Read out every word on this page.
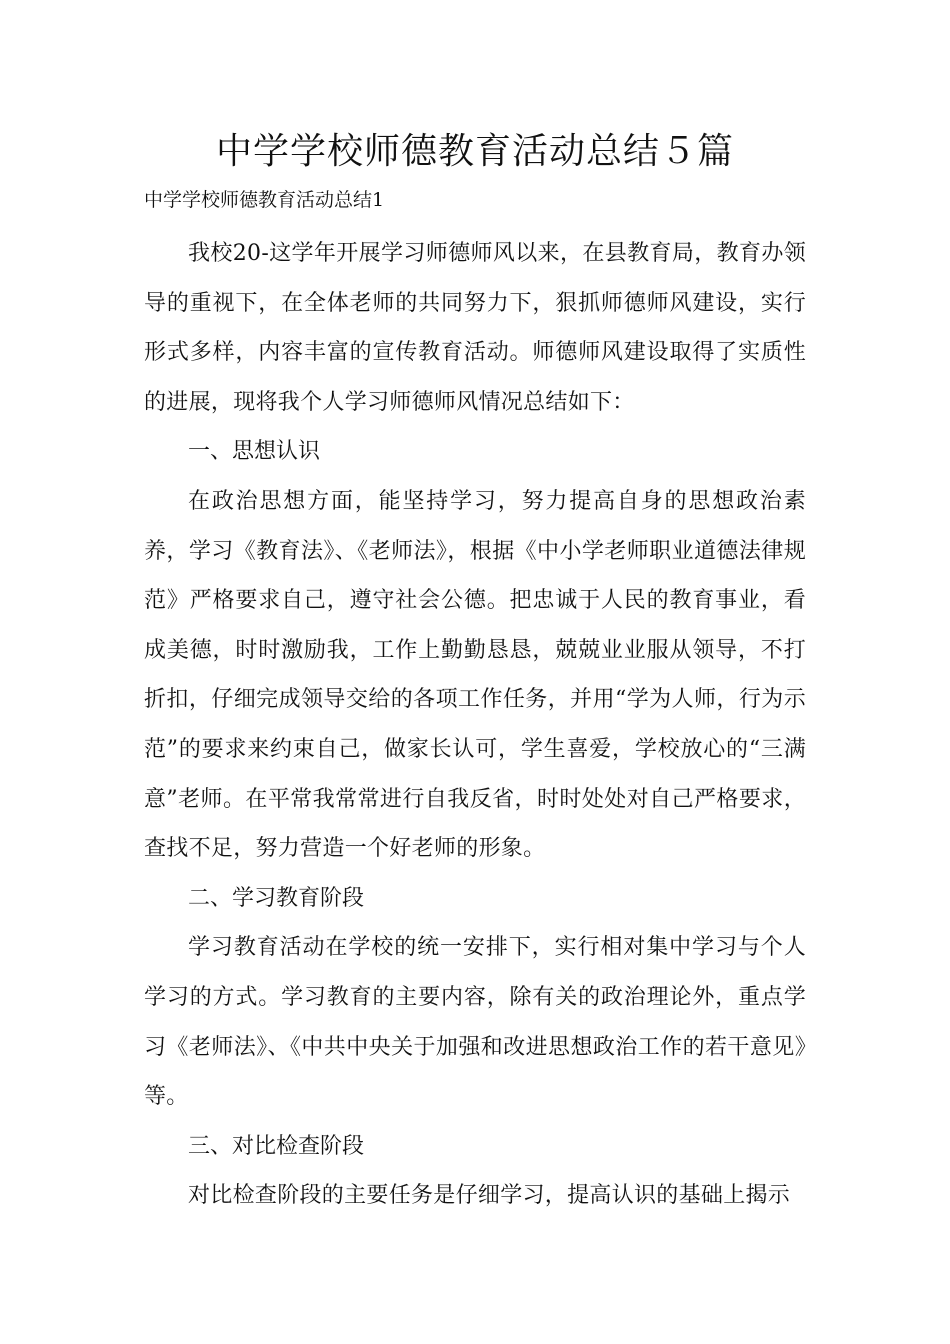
中学学校师德教育活动总结５篇
中学学校师德教育活动总结1

我校20-这学年开展学习师德师风以来，在县教育局，教育办领导的重视下，在全体老师的共同努力下，狠抓师德师风建设，实行形式多样，内容丰富的宣传教育活动。师德师风建设取得了实质性的进展，现将我个人学习师德师风情况总结如下：

一、思想认识

在政治思想方面，能坚持学习，努力提高自身的思想政治素养，学习《教育法》、《老师法》，根据《中小学老师职业道德法律规范》严格要求自己，遵守社会公德。把忠诚于人民的教育事业，看成美德，时时激励我，工作上勤勤恳恳，兢兢业业服从领导，不打折扣，仔细完成领导交给的各项工作任务，并用“学为人师，行为示范”的要求来约束自己，做家长认可，学生喜爱，学校放心的“三满意”老师。在平常我常常进行自我反省，时时处处对自己严格要求，查找不足，努力营造一个好老师的形象。

二、学习教育阶段

学习教育活动在学校的统一安排下，实行相对集中学习与个人学习的方式。学习教育的主要内容，除有关的政治理论外，重点学习《老师法》、《中共中央关于加强和改进思想政治工作的若干意见》等。

三、对比检查阶段

对比检查阶段的主要任务是仔细学习，提高认识的基础上揭示
